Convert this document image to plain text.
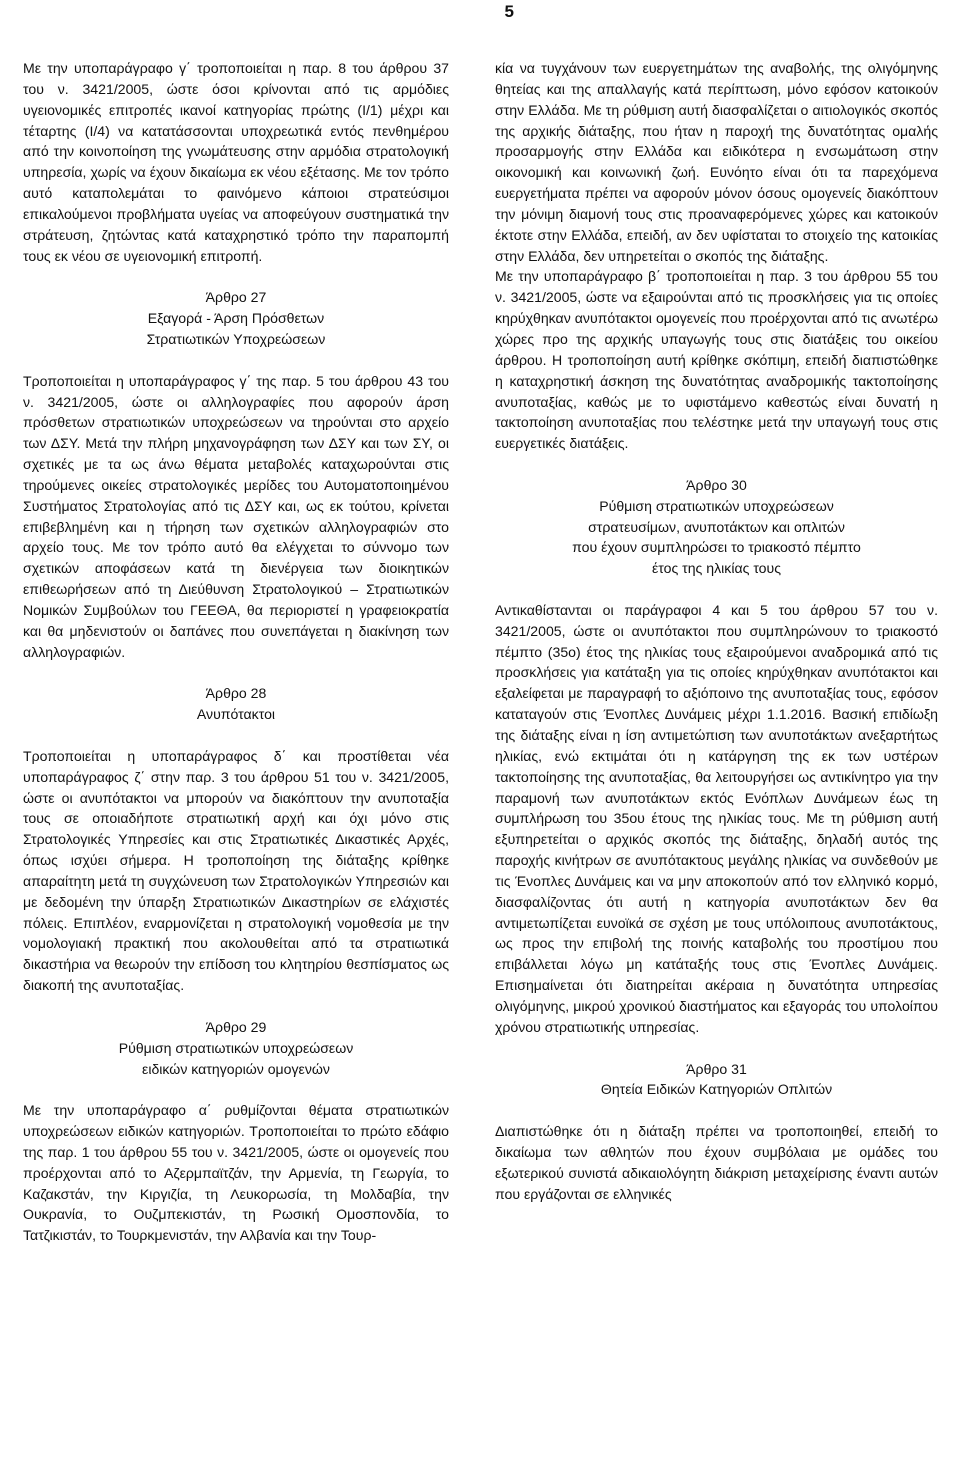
5

Με την υποπαράγραφο γ΄ τροποποιείται η παρ. 8 του άρθρου 37 του ν. 3421/2005, ώστε όσοι κρίνονται από τις αρμόδιες υγειονομικές επιτροπές ικανοί κατηγορίας πρώτης (Ι/1) μέχρι και τέταρτης (Ι/4) να κατατάσσονται υποχρεωτικά εντός πενθημέρου από την κοινοποίηση της γνωμάτευσης στην αρμόδια στρατολογική υπηρεσία, χωρίς να έχουν δικαίωμα εκ νέου εξέτασης. Με τον τρόπο αυτό καταπολεμάται το φαινόμενο κάποιοι στρατεύσιμοι επικαλούμενοι προβλήματα υγείας να αποφεύγουν συστηματικά την στράτευση, ζητώντας κατά καταχρηστικό τρόπο την παραπομπή τους εκ νέου σε υγειονομική επιτροπή.

Άρθρο 27

Εξαγορά - Άρση Πρόσθετων

Στρατιωτικών Υποχρεώσεων

Τροποποιείται η υποπαράγραφος γ΄ της παρ. 5 του άρθρου 43 του ν. 3421/2005, ώστε οι αλληλογραφίες που αφορούν άρση πρόσθετων στρατιωτικών υποχρεώσεων να τηρούνται στο αρχείο των ΔΣΥ. Μετά την πλήρη μηχανογράφηση των ΔΣΥ και των ΣΥ, οι σχετικές με τα ως άνω θέματα μεταβολές καταχωρούνται στις τηρούμενες οικείες στρατολογικές μερίδες του Αυτοματοποιημένου Συστήματος Στρατολογίας από τις ΔΣΥ και, ως εκ τούτου, κρίνεται επιβεβλημένη και η τήρηση των σχετικών αλληλογραφιών στο αρχείο τους. Με τον τρόπο αυτό θα ελέγχεται το σύννομο των σχετικών αποφάσεων κατά τη διενέργεια των διοικητικών επιθεωρήσεων από τη Διεύθυνση Στρατολογικού – Στρατιωτικών Νομικών Συμβούλων του ΓΕΕΘΑ, θα περιοριστεί η γραφειοκρατία και θα μηδενιστούν οι δαπάνες που συνεπάγεται η διακίνηση των αλληλογραφιών.

Άρθρο 28

Ανυπότακτοι

Τροποποιείται η υποπαράγραφος δ΄ και προστίθεται νέα υποπαράγραφος ζ΄ στην παρ. 3 του άρθρου 51 του ν. 3421/2005, ώστε οι ανυπότακτοι να μπορούν να διακόπτουν την ανυποταξία τους σε οποιαδήποτε στρατιωτική αρχή και όχι μόνο στις Στρατολογικές Υπηρεσίες και στις Στρατιωτικές Δικαστικές Αρχές, όπως ισχύει σήμερα. Η τροποποίηση της διάταξης κρίθηκε απαραίτητη μετά τη συγχώνευση των Στρατολογικών Υπηρεσιών και με δεδομένη την ύπαρξη Στρατιωτικών Δικαστηρίων σε ελάχιστές πόλεις. Επιπλέον, εναρμονίζεται η στρατολογική νομοθεσία με την νομολογιακή πρακτική που ακολουθείται από τα στρατιωτικά δικαστήρια να θεωρούν την επίδοση του κλητηρίου θεσπίσματος ως διακοπή της ανυποταξίας.

Άρθρο 29

Ρύθμιση στρατιωτικών υποχρεώσεων

ειδικών κατηγοριών ομογενών

Με την υποπαράγραφο α΄ ρυθμίζονται θέματα στρατιωτικών υποχρεώσεων ειδικών κατηγοριών. Τροποποιείται το πρώτο εδάφιο της παρ. 1 του άρθρου 55 του ν. 3421/2005, ώστε οι ομογενείς που προέρχονται από το Αζερμπαϊτζάν, την Αρμενία, τη Γεωργία, το Καζακστάν, την Κιργιζία, τη Λευκορωσία, τη Μολδαβία, την Ουκρανία, το Ουζμπεκιστάν, τη Ρωσική Ομοσπονδία, το Τατζικιστάν, το Τουρκμενιστάν, την Αλβανία και την Τουρ-

κία να τυγχάνουν των ευεργετημάτων της αναβολής, της ολιγόμηνης θητείας και της απαλλαγής κατά περίπτωση, μόνο εφόσον κατοικούν στην Ελλάδα. Με τη ρύθμιση αυτή διασφαλίζεται ο αιτιολογικός σκοπός της αρχικής διάταξης, που ήταν η παροχή της δυνατότητας ομαλής προσαρμογής στην Ελλάδα και ειδικότερα η ενσωμάτωση στην οικονομική και κοινωνική ζωή. Ευνόητο είναι ότι τα παρεχόμενα ευεργετήματα πρέπει να αφορούν μόνον όσους ομογενείς διακόπτουν την μόνιμη διαμονή τους στις προαναφερόμενες χώρες και κατοικούν έκτοτε στην Ελλάδα, επειδή, αν δεν υφίσταται το στοιχείο της κατοικίας στην Ελλάδα, δεν υπηρετείται ο σκοπός της διάταξης.

Με την υποπαράγραφο β΄ τροποποιείται η παρ. 3 του άρθρου 55 του ν. 3421/2005, ώστε να εξαιρούνται από τις προσκλήσεις για τις οποίες κηρύχθηκαν ανυπότακτοι ομογενείς που προέρχονται από τις ανωτέρω χώρες προ της αρχικής υπαγωγής τους στις διατάξεις του οικείου άρθρου. Η τροποποίηση αυτή κρίθηκε σκόπιμη, επειδή διαπιστώθηκε η καταχρηστική άσκηση της δυνατότητας αναδρομικής τακτοποίησης ανυποταξίας, καθώς με το υφιστάμενο καθεστώς είναι δυνατή η τακτοποίηση ανυποταξίας που τελέστηκε μετά την υπαγωγή τους στις ευεργετικές διατάξεις.

Άρθρο 30

Ρύθμιση στρατιωτικών υποχρεώσεων

στρατευσίμων, ανυποτάκτων και οπλιτών

που έχουν συμπληρώσει το τριακοστό πέμπτο

έτος της ηλικίας τους

Αντικαθίστανται οι παράγραφοι 4 και 5 του άρθρου 57 του ν. 3421/2005, ώστε οι ανυπότακτοι που συμπληρώνουν το τριακοστό πέμπτο (35ο) έτος της ηλικίας τους εξαιρούμενοι αναδρομικά από τις προσκλήσεις για κατάταξη για τις οποίες κηρύχθηκαν ανυπότακτοι και εξαλείφεται με παραγραφή το αξιόποινο της ανυποταξίας τους, εφόσον καταταγούν στις Ένοπλες Δυνάμεις μέχρι 1.1.2016. Βασική επιδίωξη της διάταξης είναι η ίση αντιμετώπιση των ανυποτάκτων ανεξαρτήτως ηλικίας, ενώ εκτιμάται ότι η κατάργηση της εκ των υστέρων τακτοποίησης της ανυποταξίας, θα λειτουργήσει ως αντικίνητρο για την παραμονή των ανυποτάκτων εκτός Ενόπλων Δυνάμεων έως τη συμπλήρωση του 35ου έτους της ηλικίας τους. Με τη ρύθμιση αυτή εξυπηρετείται ο αρχικός σκοπός της διάταξης, δηλαδή αυτός της παροχής κινήτρων σε ανυπότακτους μεγάλης ηλικίας να συνδεθούν με τις Ένοπλες Δυνάμεις και να μην αποκοπούν από τον ελληνικό κορμό, διασφαλίζοντας ότι αυτή η κατηγορία ανυποτάκτων δεν θα αντιμετωπίζεται ευνοϊκά σε σχέση με τους υπόλοιπους ανυποτάκτους, ως προς την επιβολή της ποινής καταβολής του προστίμου που επιβάλλεται λόγω μη κατάταξής τους στις Ένοπλες Δυνάμεις. Επισημαίνεται ότι διατηρείται ακέραια η δυνατότητα υπηρεσίας ολιγόμηνης, μικρού χρονικού διαστήματος και εξαγοράς του υπολοίπου χρόνου στρατιωτικής υπηρεσίας.

Άρθρο 31

Θητεία Ειδικών Κατηγοριών Οπλιτών

Διαπιστώθηκε ότι η διάταξη πρέπει να τροποποιηθεί, επειδή το δικαίωμα των αθλητών που έχουν συμβόλαια με ομάδες του εξωτερικού συνιστά αδικαιολόγητη διάκριση μεταχείρισης έναντι αυτών που εργάζονται σε ελληνικές
